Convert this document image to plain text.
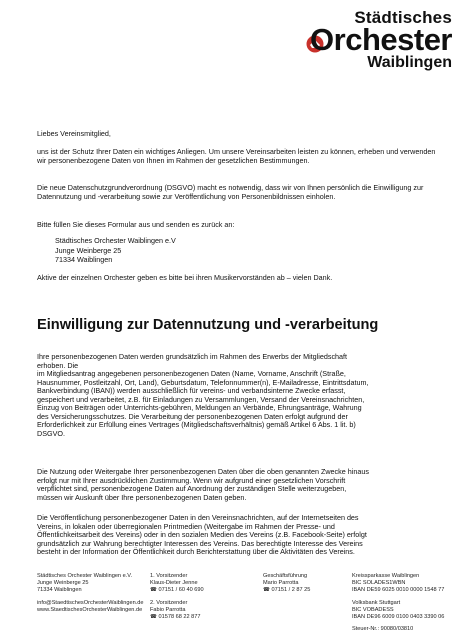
Städtisches
Orchester
Waiblingen

Liebes Vereinsmitglied,

uns ist der Schutz Ihrer Daten ein wichtiges Anliegen. Um unsere Vereinsarbeiten leisten zu können, erheben und verwenden wir personenbezogene Daten von Ihnen im Rahmen der gesetzlichen Bestimmungen.

Die neue Datenschutzgrundverordnung (DSGVO) macht es notwendig, dass wir von Ihnen persönlich die Einwilligung zur Datennutzung und -verarbeitung sowie zur Veröffentlichung von Personenbildnissen einholen.

Bitte füllen Sie dieses Formular aus und senden es zurück an:

Städtisches Orchester Waiblingen e.V
Junge Weinberge 25
71334 Waiblingen

Aktive der einzelnen Orchester geben es bitte bei ihren Musikervorständen ab – vielen Dank.

Einwilligung zur Datennutzung und -verarbeitung

Ihre personenbezogenen Daten werden grundsätzlich im Rahmen des Erwerbs der Mitgliedschaft

erhoben. Die

im Mitgliedsantrag angegebenen personenbezogenen Daten (Name, Vorname, Anschrift (Straße,

Hausnummer, Postleitzahl, Ort, Land), Geburtsdatum, Telefonnummer(n), E-Mailadresse, Eintrittsdatum,

Bankverbindung (IBAN)) werden ausschließlich für vereins- und verbandsinterne Zwecke erfasst,

gespeichert und verarbeitet, z.B. für Einladungen zu Versammlungen, Versand der Vereinsnachrichten,

Einzug von Beiträgen oder Unterrichts-gebühren, Meldungen an Verbände, Ehrungsanträge, Wahrung

des Versicherungsschutzes. Die Verarbeitung der personenbezogenen Daten erfolgt aufgrund der

Erforderlichkeit zur Erfüllung eines Vertrages (Mitgliedschaftsverhältnis) gemäß Artikel 6 Abs. 1 lit. b)

DSGVO.

Die Nutzung oder Weitergabe Ihrer personenbezogenen Daten über die oben genannten Zwecke hinaus

erfolgt nur mit Ihrer ausdrücklichen Zustimmung. Wenn wir aufgrund einer gesetzlichen Vorschrift

verpflichtet sind, personenbezogene Daten auf Anordnung der zuständigen Stelle weiterzugeben,

müssen wir Auskunft über Ihre personenbezogenen Daten geben.

Die Veröffentlichung personenbezogener Daten in den Vereinsnachrichten, auf der Internetseiten des

Vereins, in lokalen oder überregionalen Printmedien (Weitergabe im Rahmen der Presse- und

Öffentlichkeitsarbeit des Vereins) oder in den sozialen Medien des Vereins (z.B. Facebook-Seite) erfolgt

grundsätzlich zur Wahrung berechtigter Interessen des Vereins. Das berechtigte Interesse des Vereins

besteht in der Information der Öffentlichkeit durch Berichterstattung über die Aktivitäten des Vereins.

Städtisches Orchester Waiblingen e.V.

Junge Weinberge 25

71334 Waiblingen

info@StaedtischesOrchesterWaiblingen.de

www.StaedtischesOrchesterWaiblingen.de

1. Vorsitzender

Klaus-Dieter Jenne

☎ 07151 / 60 40 690

2. Vorsitzender

Fabio Parrotta

☎ 01578 68 22 877

Geschäftsführung

Mario Parrotta

☎ 07151 / 2 87 25

Kreissparkasse Waiblingen

BIC SOLADES1WBN

IBAN DE59 6025 0010 0000 1548 77

Volksbank Stuttgart

BIC VOBADESS

IBAN DE96 6009 0100 0403 3390 06

Steuer-Nr.: 90080/03810
